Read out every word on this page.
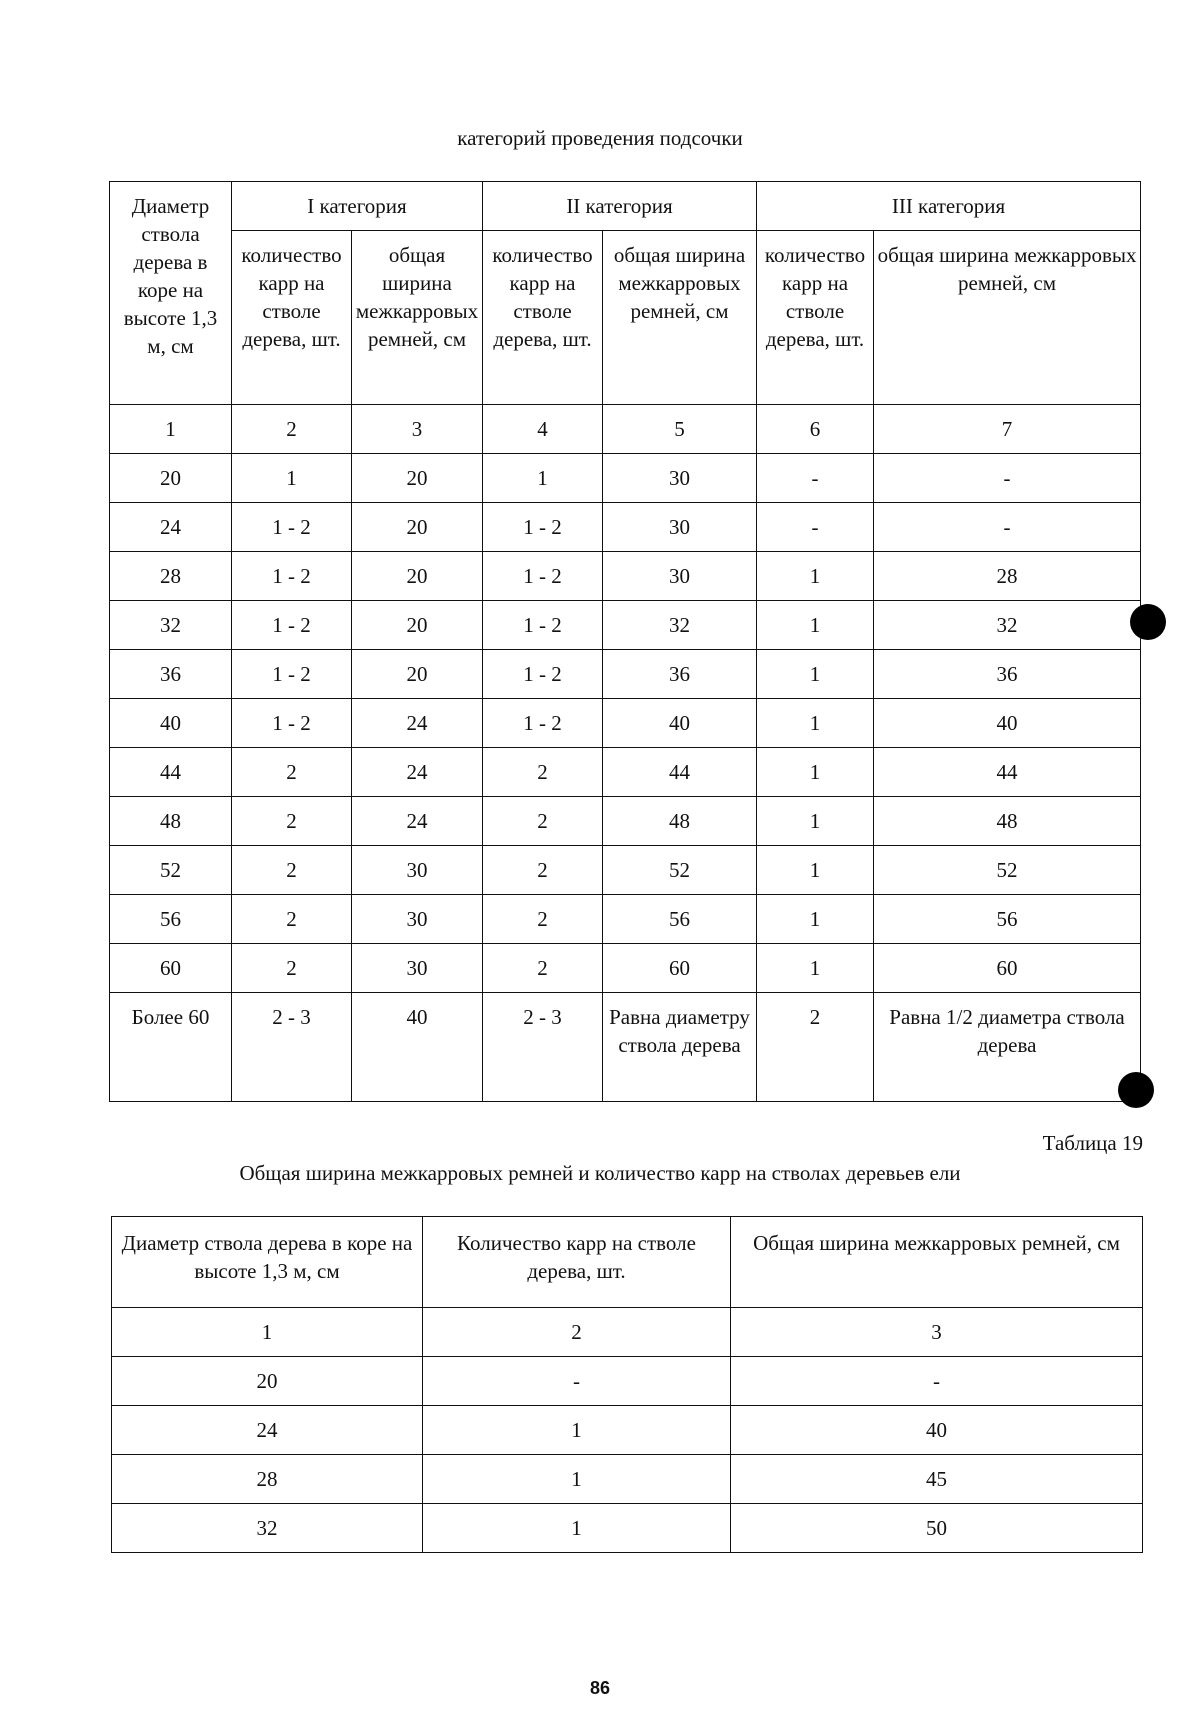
категорий проведения подсочки
Диаметр ствола дерева в коре на высоте 1,3 м, см	I категория		II категория		III категория	
	количество карр на стволе дерева, шт.	общая ширина межкарровых ремней, см	количество карр на стволе дерева, шт.	общая ширина межкарровых ремней, см	количество карр на стволе дерева, шт.	общая ширина межкарровых ремней, см
1	2	3	4	5	6	7
20	1	20	1	30	-	-
24	1 - 2	20	1 - 2	30	-	-
28	1 - 2	20	1 - 2	30	1	28
32	1 - 2	20	1 - 2	32	1	32
36	1 - 2	20	1 - 2	36	1	36
40	1 - 2	24	1 - 2	40	1	40
44	2	24	2	44	1	44
48	2	24	2	48	1	48
52	2	30	2	52	1	52
56	2	30	2	56	1	56
60	2	30	2	60	1	60
Более 60	2 - 3	40	2 - 3	Равна диаметру ствола дерева	2	Равна 1/2 диаметра ствола дерева
Таблица 19
Общая ширина межкарровых ремней и количество карр на стволах деревьев ели
Диаметр ствола дерева в коре на высоте 1,3 м, см	Количество карр на стволе дерева, шт.	Общая ширина межкарровых ремней, см
1	2	3
20	-	-
24	1	40
28	1	45
32	1	50
86
